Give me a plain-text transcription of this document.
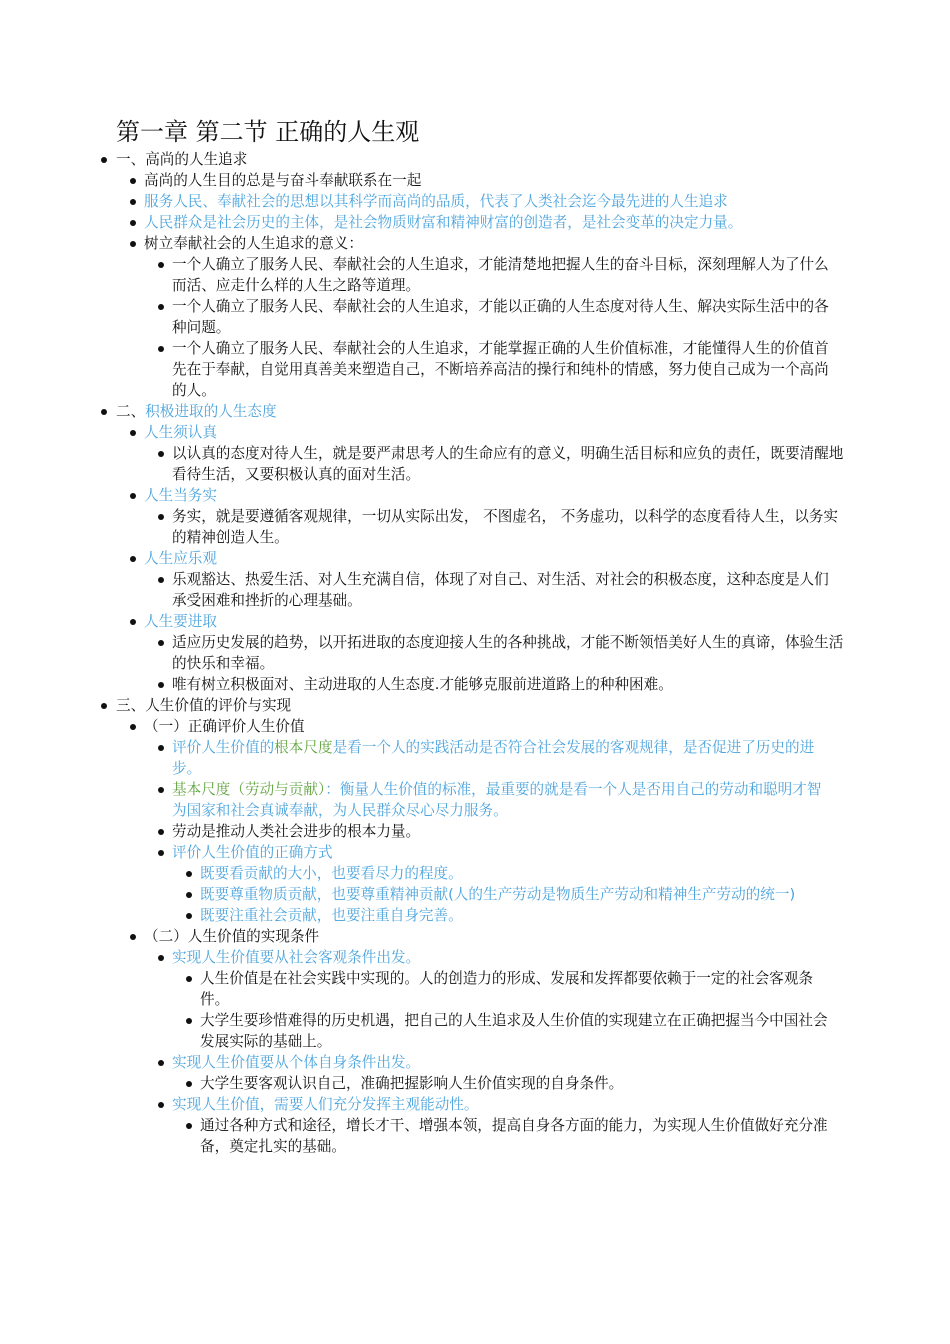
第一章 第二节 正确的人生观
一、高尚的人生追求
高尚的人生目的总是与奋斗奉献联系在一起
服务人民、奉献社会的思想以其科学而高尚的品质，代表了人类社会迄今最先进的人生追求
人民群众是社会历史的主体，是社会物质财富和精神财富的创造者，是社会变革的决定力量。
树立奉献社会的人生追求的意义：
一个人确立了服务人民、奉献社会的人生追求，才能清楚地把握人生的奋斗目标，深刻理解人为了什么而活、应走什么样的人生之路等道理。
一个人确立了服务人民、奉献社会的人生追求，才能以正确的人生态度对待人生、解决实际生活中的各种问题。
一个人确立了服务人民、奉献社会的人生追求，才能掌握正确的人生价值标准，才能懂得人生的价值首先在于奉献，自觉用真善美来塑造自己，不断培养高洁的操行和纯朴的情感，努力使自己成为一个高尚的人。
二、积极进取的人生态度
人生须认真
以认真的态度对待人生，就是要严肃思考人的生命应有的意义，明确生活目标和应负的责任，既要清醒地看待生活，又要积极认真的面对生活。
人生当务实
务实，就是要遵循客观规律，一切从实际出发， 不图虚名， 不务虚功，以科学的态度看待人生，以务实的精神创造人生。
人生应乐观
乐观豁达、热爱生活、对人生充满自信，体现了对自己、对生活、对社会的积极态度，这种态度是人们承受困难和挫折的心理基础。
人生要进取
适应历史发展的趋势，以开拓进取的态度迎接人生的各种挑战，才能不断领悟美好人生的真谛，体验生活的快乐和幸福。
唯有树立积极面对、主动进取的人生态度.才能够克服前进道路上的种种困难。
三、人生价值的评价与实现
（一）正确评价人生价值
评价人生价值的根本尺度是看一个人的实践活动是否符合社会发展的客观规律，是否促进了历史的进步。
基本尺度（劳动与贡献）：衡量人生价值的标准，最重要的就是看一个人是否用自己的劳动和聪明才智为国家和社会真诚奉献，为人民群众尽心尽力服务。
劳动是推动人类社会进步的根本力量。
评价人生价值的正确方式
既要看贡献的大小，也要看尽力的程度。
既要尊重物质贡献，也要尊重精神贡献(人的生产劳动是物质生产劳动和精神生产劳动的统一)
既要注重社会贡献，也要注重自身完善。
（二）人生价值的实现条件
实现人生价值要从社会客观条件出发。
人生价值是在社会实践中实现的。人的创造力的形成、发展和发挥都要依赖于一定的社会客观条件。
大学生要珍惜难得的历史机遇，把自己的人生追求及人生价值的实现建立在正确把握当今中国社会发展实际的基础上。
实现人生价值要从个体自身条件出发。
大学生要客观认识自己，准确把握影响人生价值实现的自身条件。
实现人生价值，需要人们充分发挥主观能动性。
通过各种方式和途径，增长才干、增强本领，提高自身各方面的能力，为实现人生价值做好充分准备，奠定扎实的基础。
